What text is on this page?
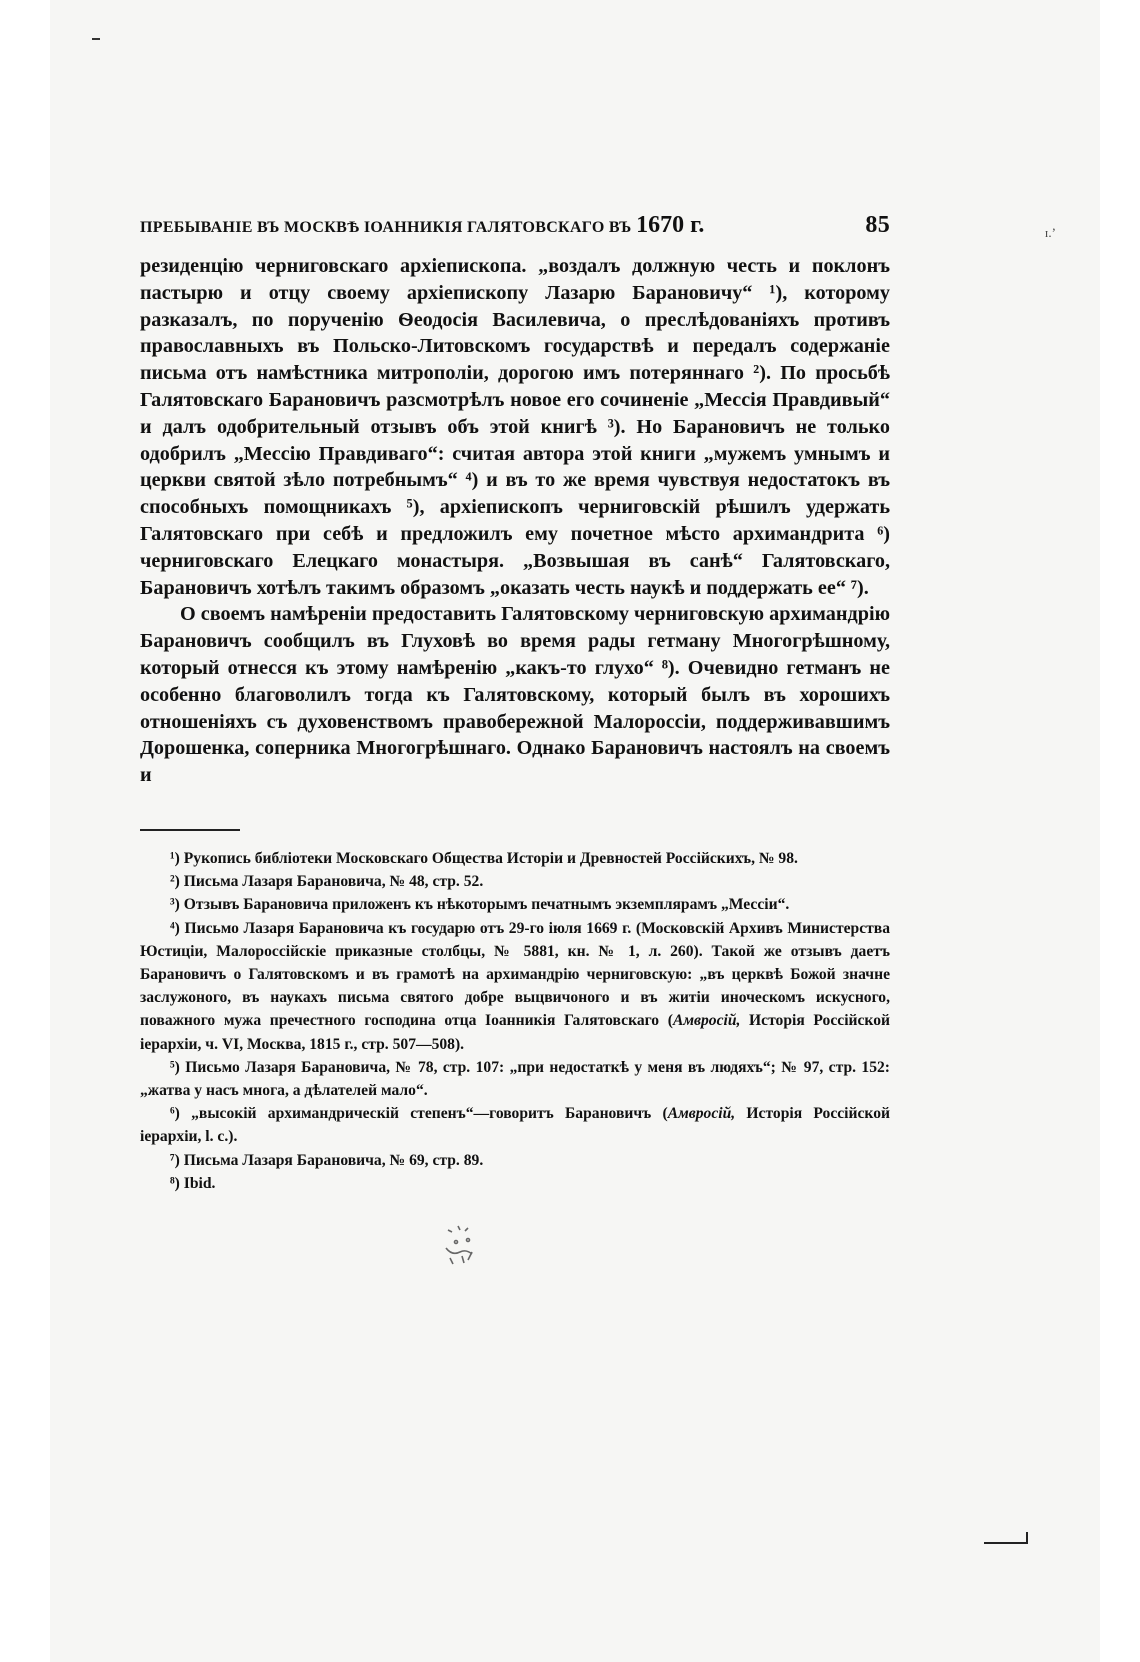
ɪ.ʼ
ПРЕБЫВАНІЕ ВЪ МОСКВѢ ІОАННИКІЯ ГАЛЯТОВСКАГО ВЪ 1670 г.	85

резиденцію черниговскаго архіепископа. „воздалъ должную честь и поклонъ пастырю и отцу своему архіепископу Лазарю Барановичу“ ¹), которому разказалъ, по порученію Ѳеодосія Василевича, о преслѣдованіяхъ противъ православныхъ въ Польско-Литовскомъ государствѣ и передалъ содержаніе письма отъ намѣстника митрополіи, дорогою имъ потеряннаго ²). По просьбѣ Галятовскаго Барановичъ разсмотрѣлъ новое его сочиненіе „Мессія Правдивый“ и далъ одобрительный отзывъ объ этой книгѣ ³). Но Барановичъ не только одобрилъ „Мессію Правдиваго“: считая автора этой книги „мужемъ умнымъ и церкви святой зѣло потребнымъ“ ⁴) и въ то же время чувствуя недостатокъ въ способныхъ помощникахъ ⁵), архіепископъ черниговскій рѣшилъ удержать Галятовскаго при себѣ и предложилъ ему почетное мѣсто архимандрита ⁶) черниговскаго Елецкаго монастыря. „Возвышая въ санѣ“ Галятовскаго, Барановичъ хотѣлъ такимъ образомъ „оказать честь наукѣ и поддержать ее“ ⁷).

О своемъ намѣреніи предоставить Галятовскому черниговскую архимандрію Барановичъ сообщилъ въ Глуховѣ во время рады гетману Многогрѣшному, который отнесся къ этому намѣренію „какъ-то глухо“ ⁸). Очевидно гетманъ не особенно благоволилъ тогда къ Галятовскому, который былъ въ хорошихъ отношеніяхъ съ духовенствомъ правобережной Малороссіи, поддерживавшимъ Дорошенка, соперника Многогрѣшнаго. Однако Барановичъ настоялъ на своемъ и

¹) Рукопись библіотеки Московскаго Общества Исторіи и Древностей Россійскихъ, № 98.

²) Письма Лазаря Барановича, № 48, стр. 52.

³) Отзывъ Барановича приложенъ къ нѣкоторымъ печатнымъ экземплярамъ „Мессіи“.

⁴) Письмо Лазаря Барановича къ государю отъ 29-го іюля 1669 г. (Московскій Архивъ Министерства Юстиціи, Малороссійскіе приказные столбцы, № 5881, кн. № 1, л. 260). Такой же отзывъ даетъ Барановичъ о Галятовскомъ и въ грамотѣ на архимандрію черниговскую: „въ церквѣ Божой значне заслужоного, въ наукахъ письма святого добре выцвичоного и въ житіи иноческомъ искусного, поважного мужа пречестного господина отца Іоанникія Галятовскаго (Амвросій, Исторія Россійской іерархіи, ч. VI, Москва, 1815 г., стр. 507—508).

⁵) Письмо Лазаря Барановича, № 78, стр. 107: „при недостаткѣ у меня въ людяхъ“; № 97, стр. 152: „жатва у насъ многа, а дѣлателей мало“.

⁶) „высокій архимандрическій степенъ“—говоритъ Барановичъ (Амвросій, Исторія Россійской іерархіи, l. c.).

⁷) Письма Лазаря Барановича, № 69, стр. 89.

⁸) Ibid.
